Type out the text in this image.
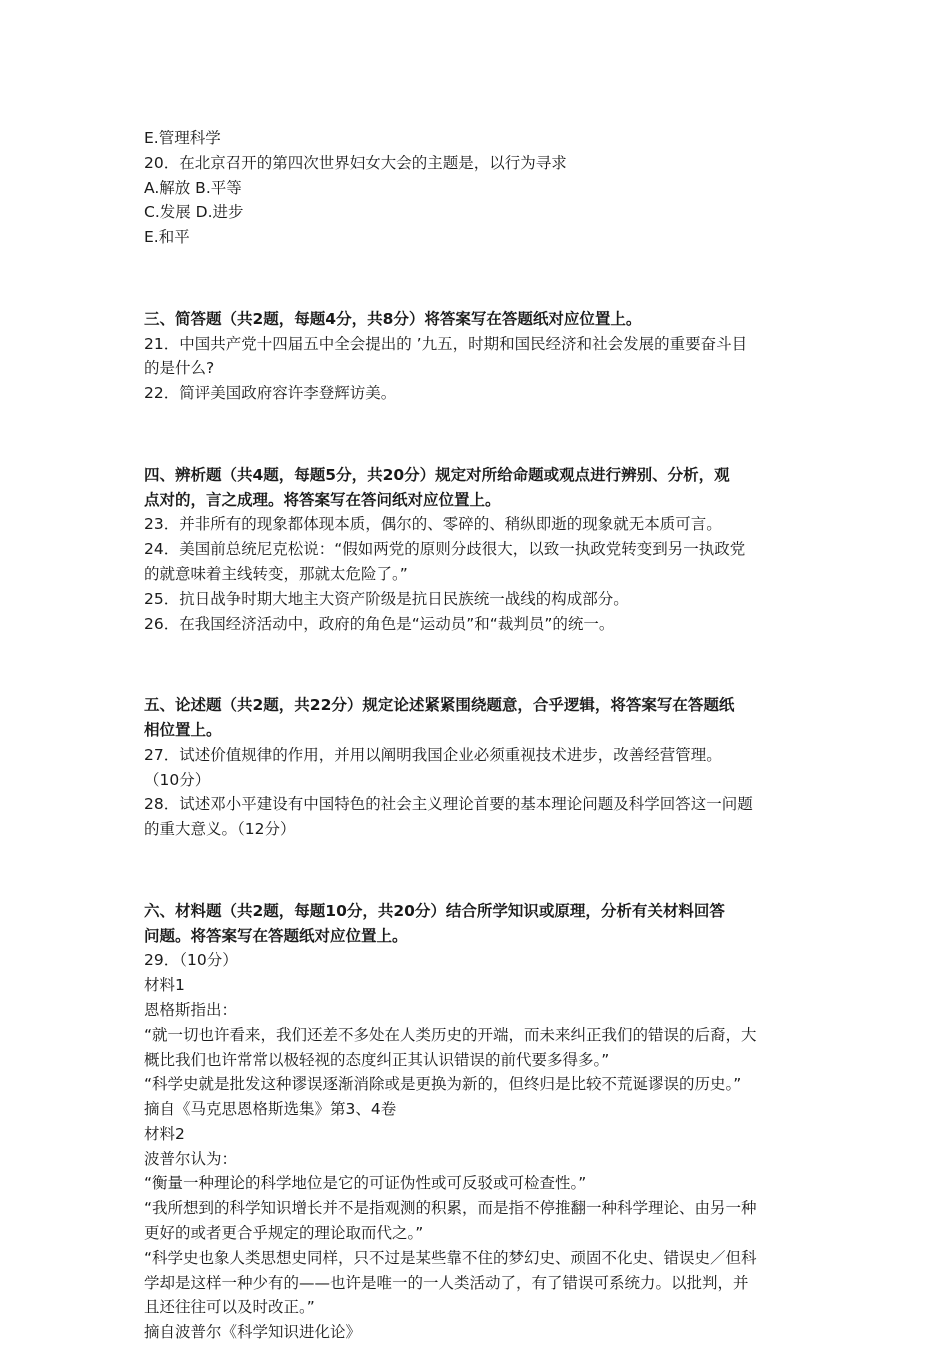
E.管理科学

20．在北京召开的第四次世界妇女大会的主题是，以行为寻求

A.解放 B.平等

C.发展 D.进步

E.和平

三、简答题（共2题，每题4分，共8分）将答案写在答题纸对应位置上。

21．中国共产党十四届五中全会提出的 ’九五，时期和国民经济和社会发展的重要奋斗目

的是什么?

22．简评美国政府容许李登辉访美。

四、辨析题（共4题，每题5分，共20分）规定对所给命题或观点进行辨别、分析，观

点对的，言之成理。将答案写在答问纸对应位置上。

23．并非所有的现象都体现本质，偶尔的、零碎的、稍纵即逝的现象就无本质可言。

24．美国前总统尼克松说：“假如两党的原则分歧很大，以致一执政党转变到另一执政党

的就意味着主线转变，那就太危险了。”

25．抗日战争时期大地主大资产阶级是抗日民族统一战线的构成部分。

26．在我国经济活动中，政府的角色是“运动员”和“裁判员”的统一。

五、论述题（共2题，共22分）规定论述紧紧围绕题意，合乎逻辑，将答案写在答题纸

相位置上。

27．试述价值规律的作用，并用以阐明我国企业必须重视技术进步，改善经营管理。

（10分）

28．试述邓小平建设有中国特色的社会主义理论首要的基本理论问题及科学回答这一问题

的重大意义。（12分）

六、材料题（共2题，每题10分，共20分）结合所学知识或原理，分析有关材料回答

问题。将答案写在答题纸对应位置上。

29．（10分）

材料1

恩格斯指出：

“就一切也许看来，我们还差不多处在人类历史的开端，而未来纠正我们的错误的后裔，大

概比我们也许常常以极轻视的态度纠正其认识错误的前代要多得多。”

“科学史就是批发这种谬误逐渐消除或是更换为新的，但终归是比较不荒诞谬误的历史。”

摘自《马克思恩格斯选集》第3、4卷

材料2

波普尔认为：

“衡量一种理论的科学地位是它的可证伪性或可反驳或可检查性。”

“我所想到的科学知识增长并不是指观测的积累，而是指不停推翻一种科学理论、由另一种

更好的或者更合乎规定的理论取而代之。”

“科学史也象人类思想史同样，只不过是某些靠不住的梦幻史、顽固不化史、错误史／但科

学却是这样一种少有的——也许是唯一的一人类活动了，有了错误可系统力。以批判，并

且还往往可以及时改正。”

摘自波普尔《科学知识进化论》
